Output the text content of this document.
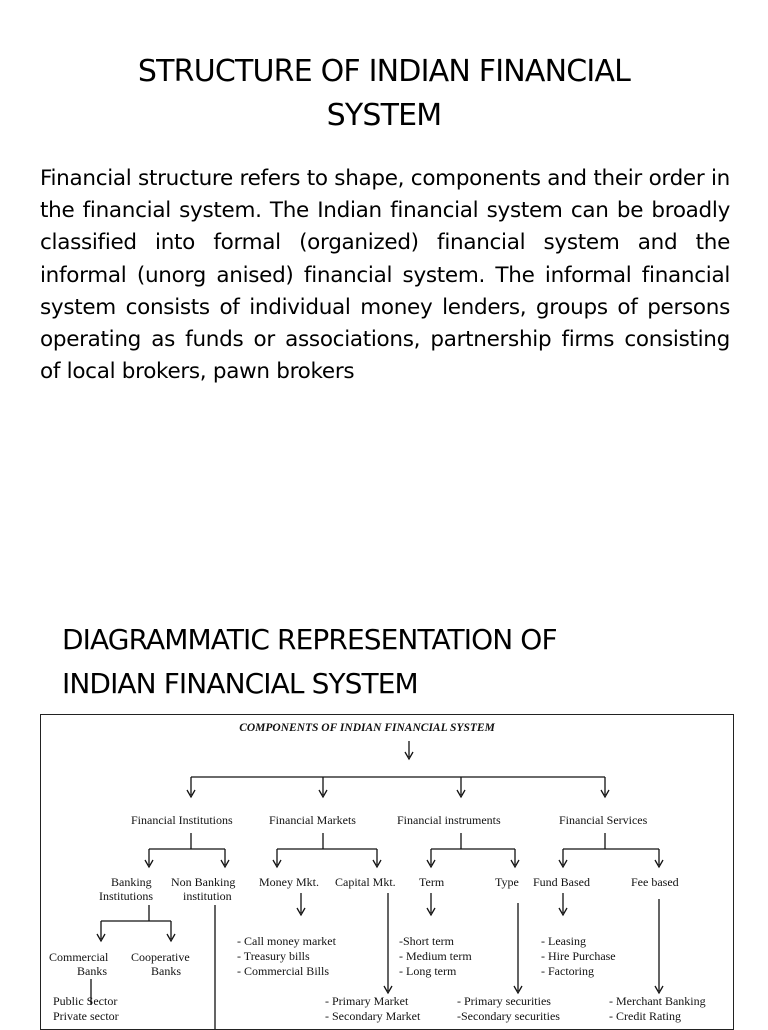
STRUCTURE OF INDIAN FINANCIAL
SYSTEM

Financial structure refers to shape, components and their order in the financial system. The Indian financial system can be broadly classified into formal (organized) financial system and the informal (unorg anised) financial system. The informal financial system consists of individual money lenders, groups of persons operating as funds or associations, partnership firms consisting of local brokers, pawn brokers

DIAGRAMMATIC REPRESENTATION OF
INDIAN FINANCIAL SYSTEM
COMPONENTS OF INDIAN FINANCIAL SYSTEM
Financial Institutions	Financial Markets	Financial instruments	Financial Services
Banking
Institutions
Non Banking
institution
Money Mkt. Capital Mkt. Term	Type Fund Based	Fee based
Commercial
Banks
Cooperative
Banks
- Call money market
- Treasury bills
- Commercial Bills
-Short term
- Medium term
- Long term
- Leasing
- Hire Purchase
- Factoring
Public Sector
Private sector
- Primary Market
- Secondary Market
- Primary securities
-Secondary securities
- Merchant Banking
- Credit Rating
